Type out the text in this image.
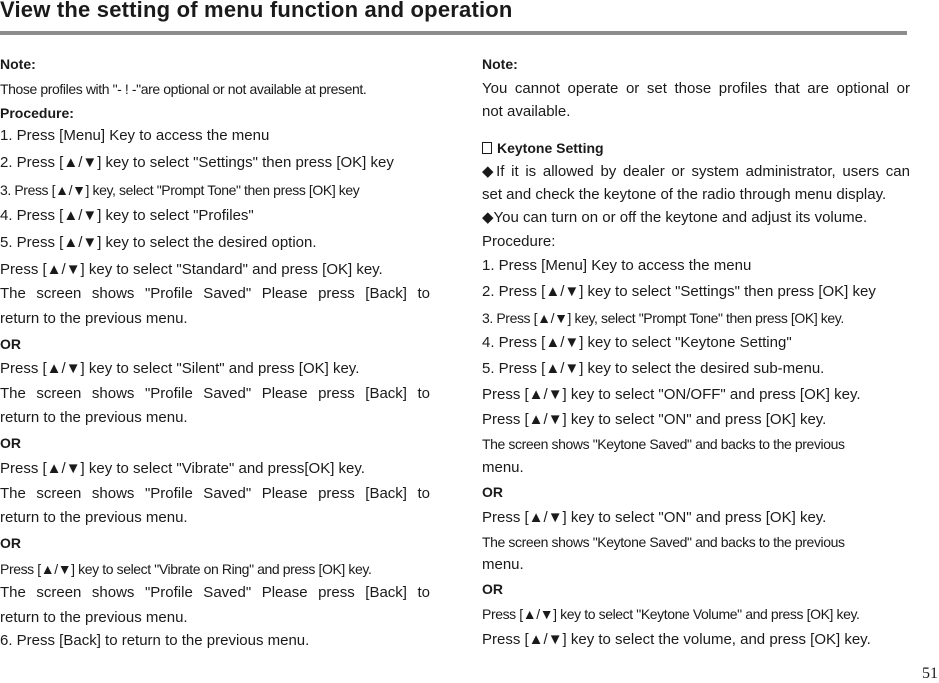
View the setting of menu function and operation
Note:
Those profiles with "- ! -"are optional or not available at present.
Procedure:
1. Press [Menu] Key to access the menu
2. Press [▲/▼] key to select "Settings" then press [OK] key
3. Press [▲/▼] key, select "Prompt Tone" then press [OK] key
4. Press [▲/▼] key to select "Profiles"
5. Press [▲/▼] key to select the desired option.
Press [▲/▼] key to select "Standard" and press [OK] key.
The screen shows "Profile Saved" Please press [Back] to
return to the previous menu.
OR
Press [▲/▼] key to select "Silent" and press [OK] key.
The screen shows "Profile Saved" Please press [Back] to
return to the previous menu.
OR
Press [▲/▼] key to select "Vibrate" and press[OK] key.
The screen shows "Profile Saved" Please press [Back] to
return to the previous menu.
OR
Press [▲/▼] key to select "Vibrate on Ring" and press [OK] key.
The screen shows "Profile Saved" Please press [Back] to
return to the previous menu.
6. Press [Back] to return to the previous menu.
Note:
You cannot operate or set those profiles that are optional or
not available.
Keytone Setting
◆If it is allowed by dealer or system administrator, users can
set and check the keytone of the radio through menu display.
◆You can turn on or off the keytone and adjust its volume.
Procedure:
1. Press [Menu] Key to access the menu
2. Press [▲/▼] key to select "Settings" then press [OK] key
3. Press [▲/▼] key, select "Prompt Tone" then press [OK] key.
4. Press [▲/▼] key to select "Keytone Setting"
5. Press [▲/▼] key to select the desired sub-menu.
Press [▲/▼] key to select "ON/OFF" and press [OK] key.
Press [▲/▼] key to select "ON" and press [OK] key.
The screen shows "Keytone Saved" and backs to the previous
menu.
OR
Press [▲/▼] key to select "ON" and press [OK] key.
The screen shows "Keytone Saved" and backs to the previous
menu.
OR
Press [▲/▼] key to select "Keytone Volume" and press [OK] key.
Press [▲/▼] key to select the volume, and press [OK] key.
51
